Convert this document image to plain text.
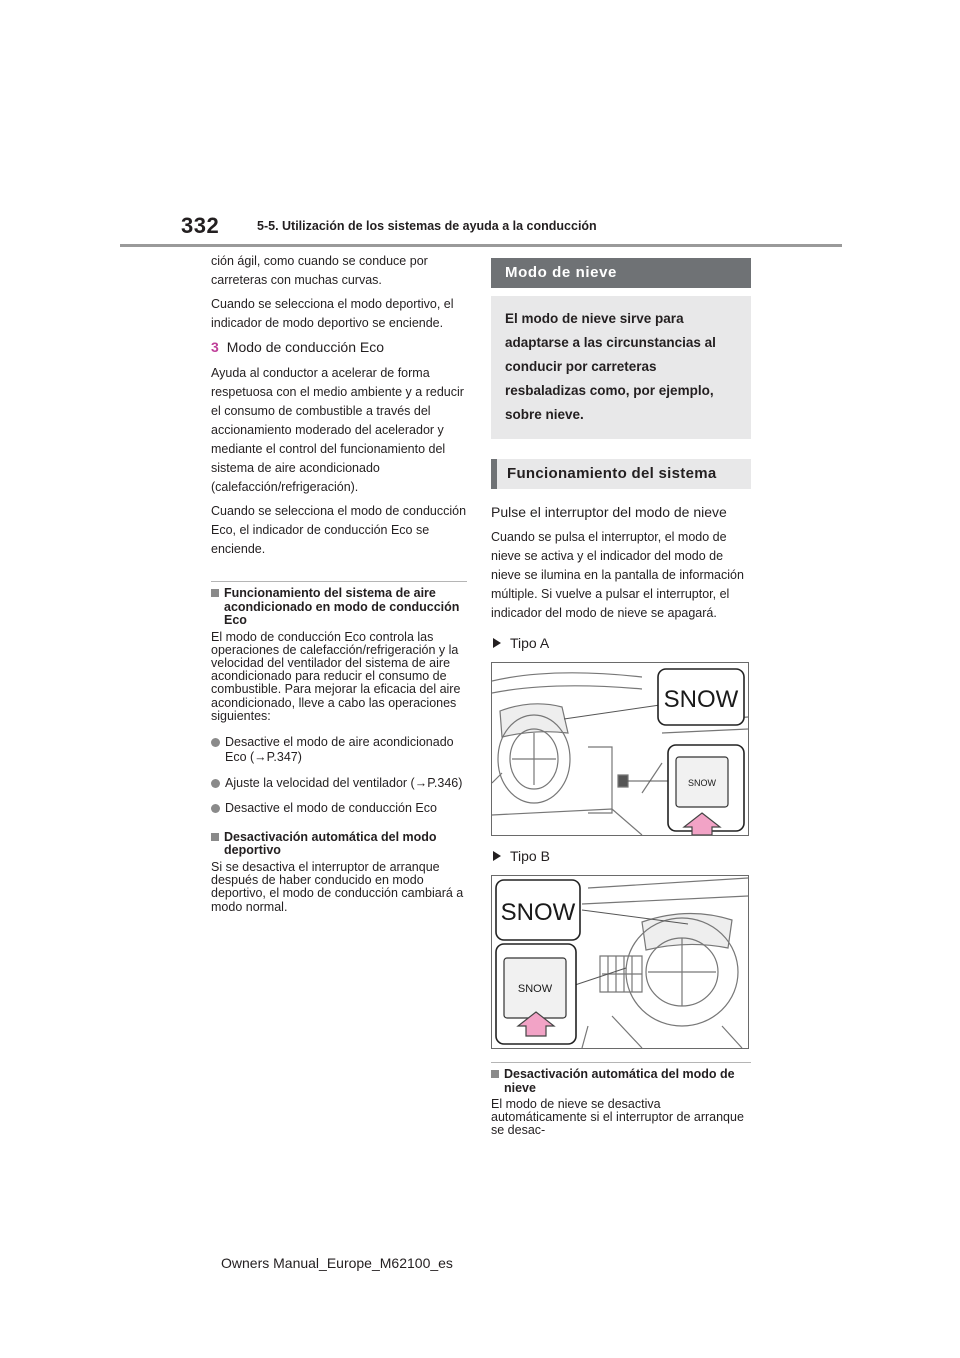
332	5-5. Utilización de los sistemas de ayuda a la conducción

ción ágil, como cuando se conduce por carreteras con muchas curvas.

Cuando se selecciona el modo deportivo, el indicador de modo deportivo se enciende.

3 Modo de conducción Eco

Ayuda al conductor a acelerar de forma respetuosa con el medio ambiente y a reducir el consumo de combustible a través del accionamiento moderado del acelerador y mediante el control del funcionamiento del sistema de aire acondicionado (calefacción/refrigeración).

Cuando se selecciona el modo de conducción Eco, el indicador de conducción Eco se enciende.

Funcionamiento del sistema de aire acondicionado en modo de conducción Eco

El modo de conducción Eco controla las operaciones de calefacción/refrigeración y la velocidad del ventilador del sistema de aire acondicionado para reducir el consumo de combustible. Para mejorar la eficacia del aire acondicionado, lleve a cabo las operaciones siguientes:

Desactive el modo de aire acondicionado Eco (→P.347)
Ajuste la velocidad del ventilador (→P.346)
Desactive el modo de conducción Eco
Desactivación automática del modo deportivo

Si se desactiva el interruptor de arranque después de haber conducido en modo deportivo, el modo de conducción cambiará a modo normal.

Modo de nieve
El modo de nieve sirve para adaptarse a las circunstancias al conducir por carreteras resbaladizas como, por ejemplo, sobre nieve.
Funcionamiento del sistema
Pulse el interruptor del modo de nieve

Cuando se pulsa el interruptor, el modo de nieve se activa y el indicador del modo de nieve se ilumina en la pantalla de información múltiple. Si vuelve a pulsar el interruptor, el indicador del modo de nieve se apagará.

Tipo A
SNOW
SNOW
Tipo B
SNOW
SNOW
Desactivación automática del modo de nieve

El modo de nieve se desactiva automáticamente si el interruptor de arranque se desac-

Owners Manual_Europe_M62100_es
